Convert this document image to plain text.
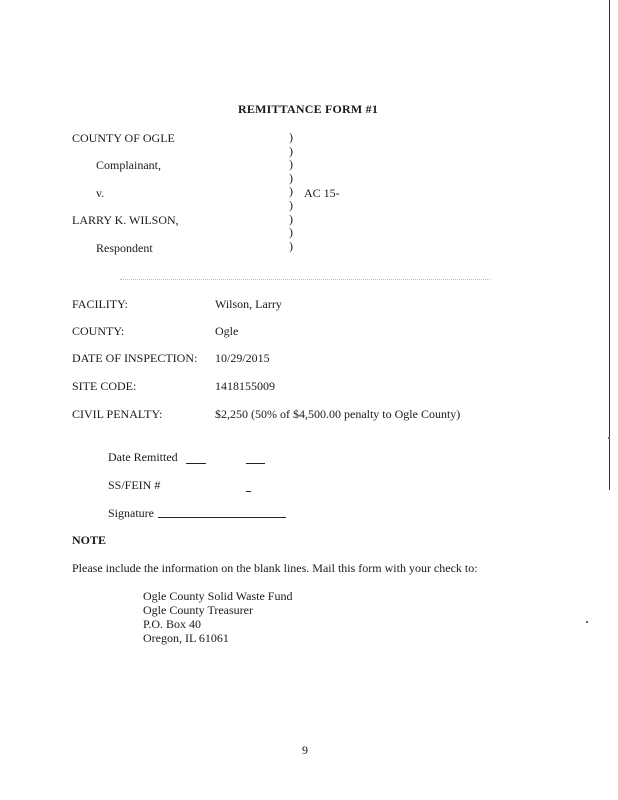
REMITTANCE FORM #1
COUNTY OF OGLE
Complainant,
v.
LARRY K. WILSON,
Respondent
AC 15-
)
)
)
)
)
)
)
)
)
FACILITY:	Wilson, Larry
COUNTY:	Ogle
DATE OF INSPECTION: 10/29/2015
SITE CODE:	1418155009
CIVIL PENALTY:	$2,250 (50% of $4,500.00 penalty to Ogle County)
Date Remitted
SS/FEIN #
Signature
NOTE
Please include the information on the blank lines. Mail this form with your check to:
Ogle County Solid Waste Fund
Ogle County Treasurer
P.O. Box 40
Oregon, IL 61061
9
